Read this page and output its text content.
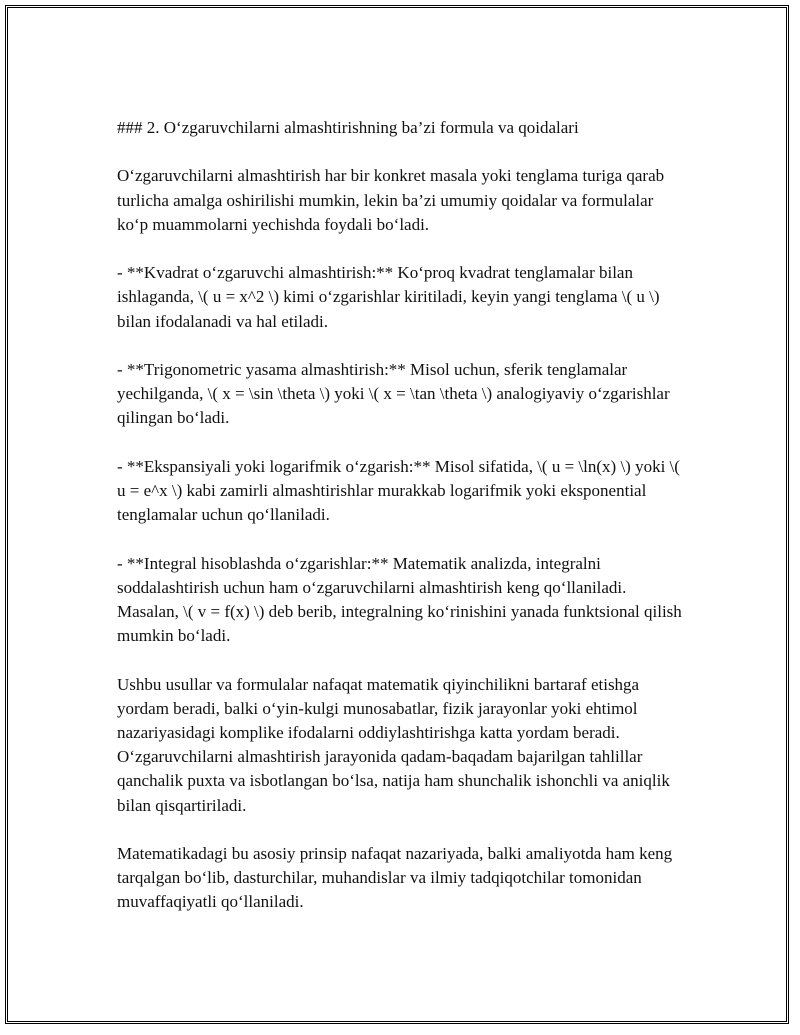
### 2. O‘zgaruvchilarni almashtirishning ba’zi formula va qoidalari

O‘zgaruvchilarni almashtirish har bir konkret masala yoki tenglama turiga qarab turlicha amalga oshirilishi mumkin, lekin ba’zi umumiy qoidalar va formulalar ko‘p muammolarni yechishda foydali bo‘ladi.

- **Kvadrat o‘zgaruvchi almashtirish:** Ko‘proq kvadrat tenglamalar bilan ishlaganda, \( u = x^2 \) kimi o‘zgarishlar kiritiladi, keyin yangi tenglama \( u \) bilan ifodalanadi va hal etiladi.

- **Trigonometric yasama almashtirish:** Misol uchun, sferik tenglamalar yechilganda, \( x = \sin \theta \) yoki \( x = \tan \theta \) analogiyaviy o‘zgarishlar qilingan bo‘ladi.

- **Ekspansiyali yoki logarifmik o‘zgarish:** Misol sifatida, \( u = \ln(x) \) yoki \( u = e^x \) kabi zamirli almashtirishlar murakkab logarifmik yoki eksponential tenglamalar uchun qo‘llaniladi.

- **Integral hisoblashda o‘zgarishlar:** Matematik analizda, integralni soddalashtirish uchun ham o‘zgaruvchilarni almashtirish keng qo‘llaniladi. Masalan, \( v = f(x) \) deb berib, integralning ko‘rinishini yanada funktsional qilish mumkin bo‘ladi.

Ushbu usullar va formulalar nafaqat matematik qiyinchilikni bartaraf etishga yordam beradi, balki o‘yin-kulgi munosabatlar, fizik jarayonlar yoki ehtimol nazariyasidagi komplike ifodalarni oddiylashtirishga katta yordam beradi. O‘zgaruvchilarni almashtirish jarayonida qadam-baqadam bajarilgan tahlillar qanchalik puxta va isbotlangan bo‘lsa, natija ham shunchalik ishonchli va aniqlik bilan qisqartiriladi.

Matematikadagi bu asosiy prinsip nafaqat nazariyada, balki amaliyotda ham keng tarqalgan bo‘lib, dasturchilar, muhandislar va ilmiy tadqiqotchilar tomonidan muvaffaqiyatli qo‘llaniladi.
